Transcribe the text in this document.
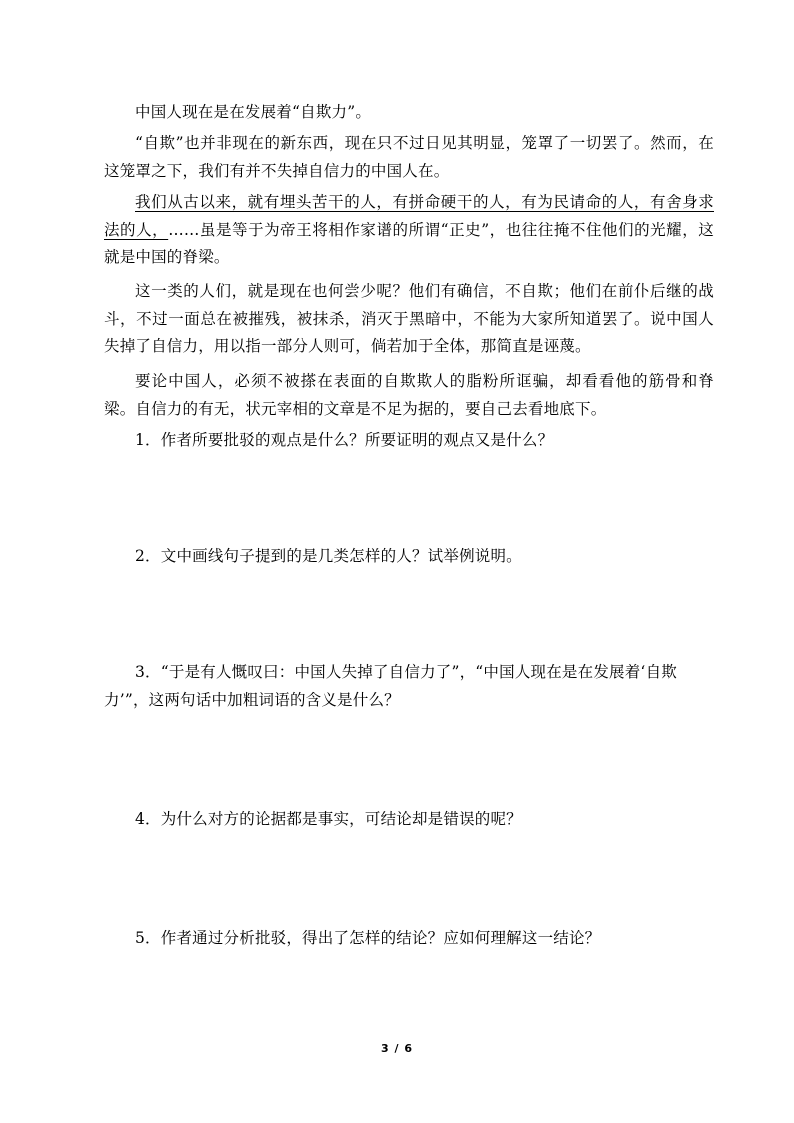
中国人现在是在发展着“自欺力”。

“自欺”也并非现在的新东西，现在只不过日见其明显，笼罩了一切罢了。然而，在这笼罩之下，我们有并不失掉自信力的中国人在。

我们从古以来，就有埋头苦干的人，有拼命硬干的人，有为民请命的人，有舍身求法的人，……虽是等于为帝王将相作家谱的所谓“正史”，也往往掩不住他们的光耀，这就是中国的脊梁。

这一类的人们，就是现在也何尝少呢？他们有确信，不自欺；他们在前仆后继的战斗，不过一面总在被摧残，被抹杀，消灭于黑暗中，不能为大家所知道罢了。说中国人失掉了自信力，用以指一部分人则可，倘若加于全体，那简直是诬蔑。

要论中国人，必须不被搽在表面的自欺欺人的脂粉所诓骗，却看看他的筋骨和脊梁。自信力的有无，状元宰相的文章是不足为据的，要自己去看地底下。

1．作者所要批驳的观点是什么？所要证明的观点又是什么？

2．文中画线句子提到的是几类怎样的人？试举例说明。

3．“于是有人慨叹曰：中国人失掉了自信力了”，“中国人现在是在发展着‘自欺力’”，这两句话中加粗词语的含义是什么？

4．为什么对方的论据都是事实，可结论却是错误的呢？

5．作者通过分析批驳，得出了怎样的结论？应如何理解这一结论？

3 / 6
